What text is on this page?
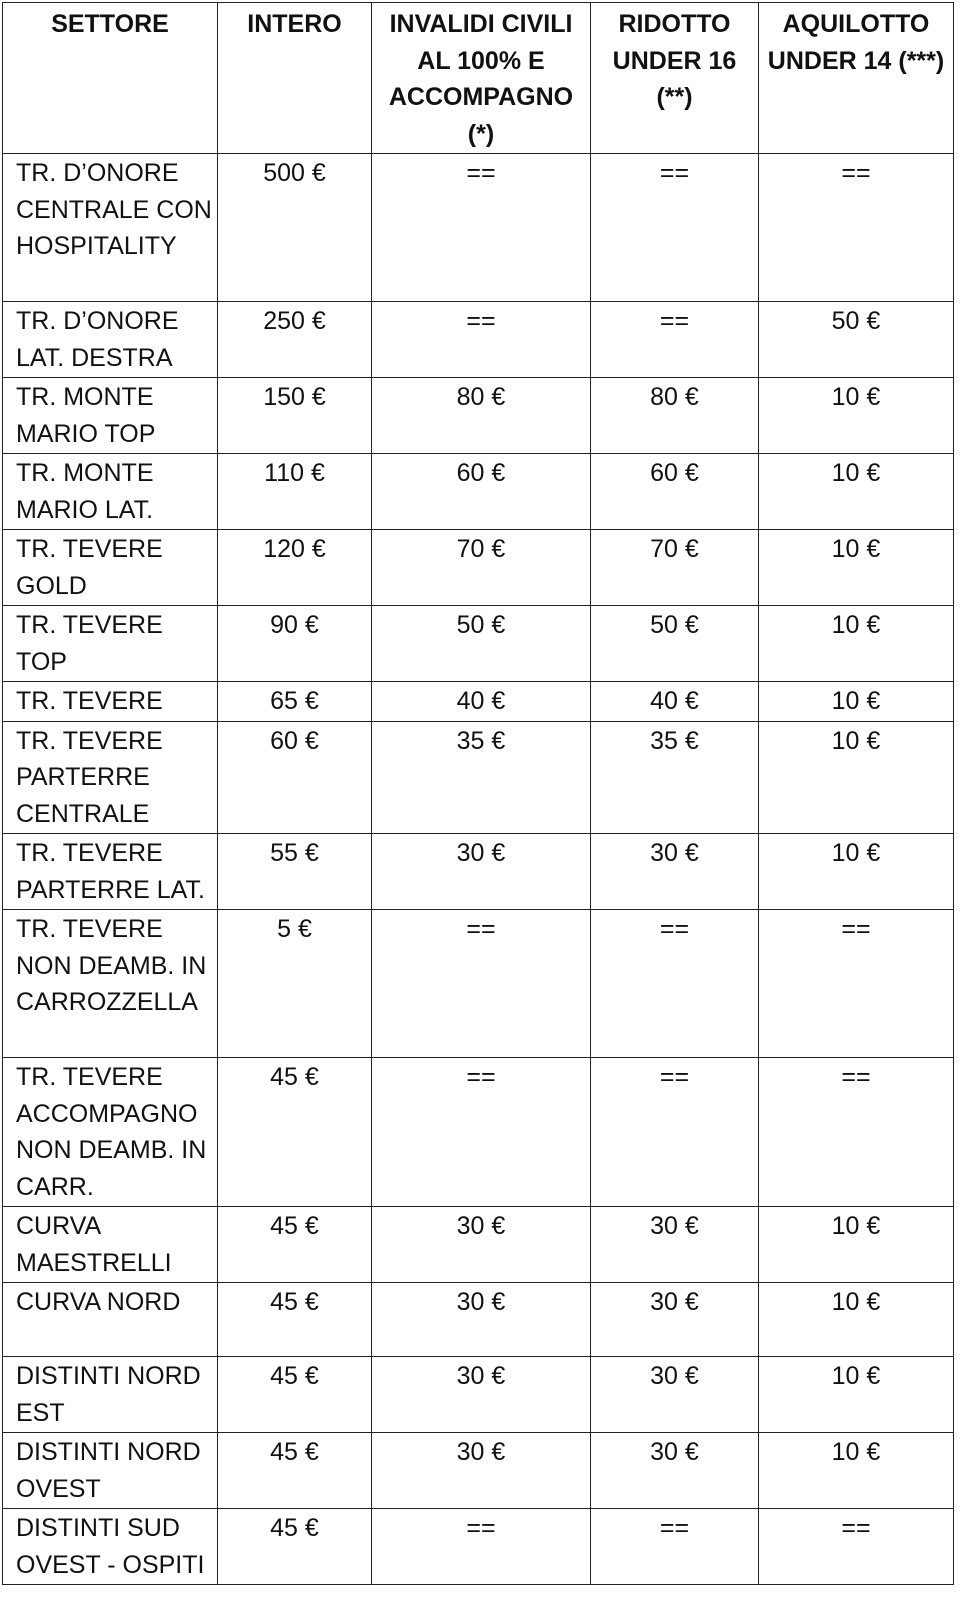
SETTORE	INTERO	INVALIDI CIVILI AL 100% E ACCOMPAGNO (*)	RIDOTTO UNDER 16 (**)	AQUILOTTO UNDER 14 (***)
TR. D’ONORE CENTRALE CON HOSPITALITY	500 €	==	==	==
TR. D’ONORE LAT. DESTRA	250 €	==	==	50 €
TR. MONTE MARIO TOP	150 €	80 €	80 €	10 €
TR. MONTE MARIO LAT.	110 €	60 €	60 €	10 €
TR. TEVERE GOLD	120 €	70 €	70 €	10 €
TR. TEVERE TOP	90 €	50 €	50 €	10 €
TR. TEVERE	65 €	40 €	40 €	10 €
TR. TEVERE PARTERRE CENTRALE	60 €	35 €	35 €	10 €
TR. TEVERE PARTERRE LAT.	55 €	30 €	30 €	10 €
TR. TEVERE NON DEAMB. IN CARROZZELLA	5 €	==	==	==
TR. TEVERE ACCOMPAGNO NON DEAMB. IN CARR.	45 €	==	==	==
CURVA MAESTRELLI	45 €	30 €	30 €	10 €
CURVA NORD	45 €	30 €	30 €	10 €
DISTINTI NORD EST	45 €	30 €	30 €	10 €
DISTINTI NORD OVEST	45 €	30 €	30 €	10 €
DISTINTI SUD OVEST - OSPITI	45 €	==	==	==
